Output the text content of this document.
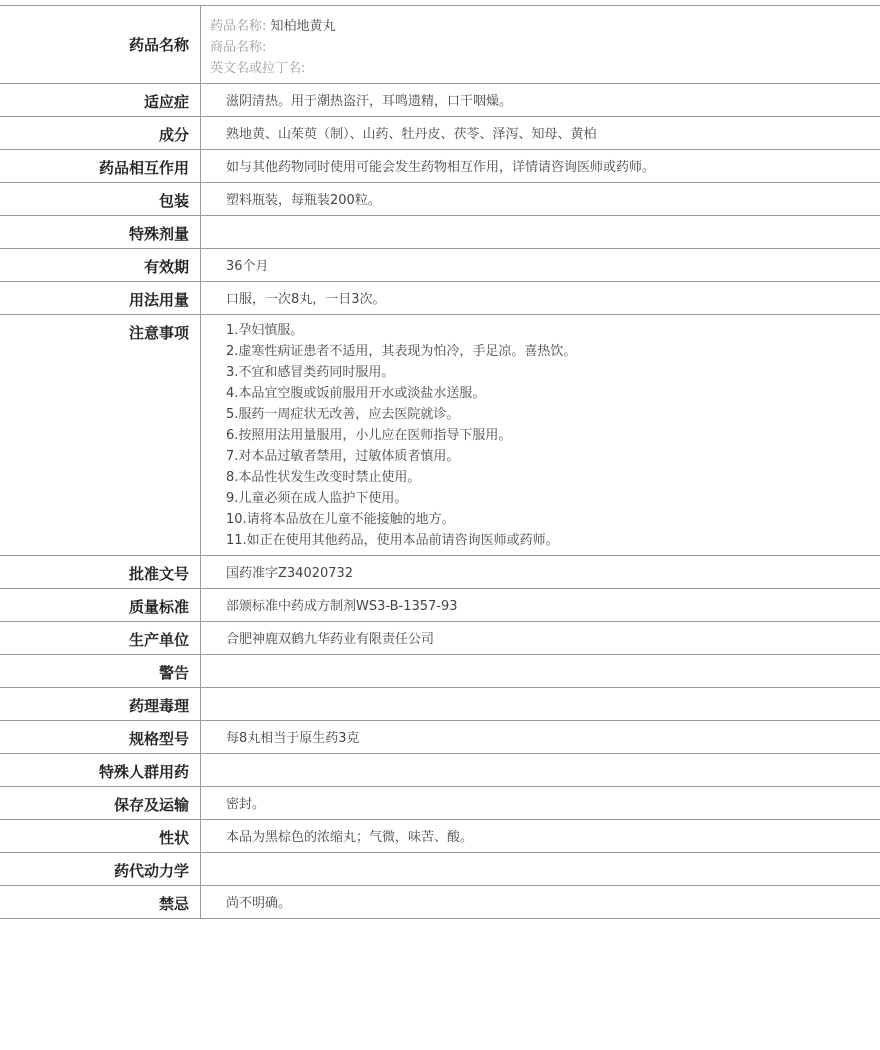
药品名称
药品名称: 知柏地黄丸
商品名称:
英文名或拉丁名:
适应症	滋阴清热。用于潮热盗汗，耳鸣遗精，口干咽燥。
成分	熟地黄、山茱萸（制）、山药、牡丹皮、茯苓、泽泻、知母、黄柏
药品相互作用	如与其他药物同时使用可能会发生药物相互作用，详情请咨询医师或药师。
包装	塑料瓶装，每瓶装200粒。
特殊剂量
有效期	36个月
用法用量	口服，一次8丸，一日3次。
注意事项	1.孕妇慎服。
2.虚寒性病证患者不适用，其表现为怕冷，手足凉。喜热饮。
3.不宜和感冒类药同时服用。
4.本品宜空腹或饭前服用开水或淡盐水送服。
5.服药一周症状无改善，应去医院就诊。
6.按照用法用量服用，小儿应在医师指导下服用。
7.对本品过敏者禁用，过敏体质者慎用。
8.本品性状发生改变时禁止使用。
9.儿童必须在成人监护下使用。
10.请将本品放在儿童不能接触的地方。
11.如正在使用其他药品，使用本品前请咨询医师或药师。
批准文号	国药准字Z34020732
质量标准	部颁标准中药成方制剂WS3-B-1357-93
生产单位	合肥神鹿双鹤九华药业有限责任公司
警告
药理毒理
规格型号	每8丸相当于原生药3克
特殊人群用药
保存及运输	密封。
性状	本品为黑棕色的浓缩丸；气微，味苦、酸。
药代动力学
禁忌	尚不明确。
